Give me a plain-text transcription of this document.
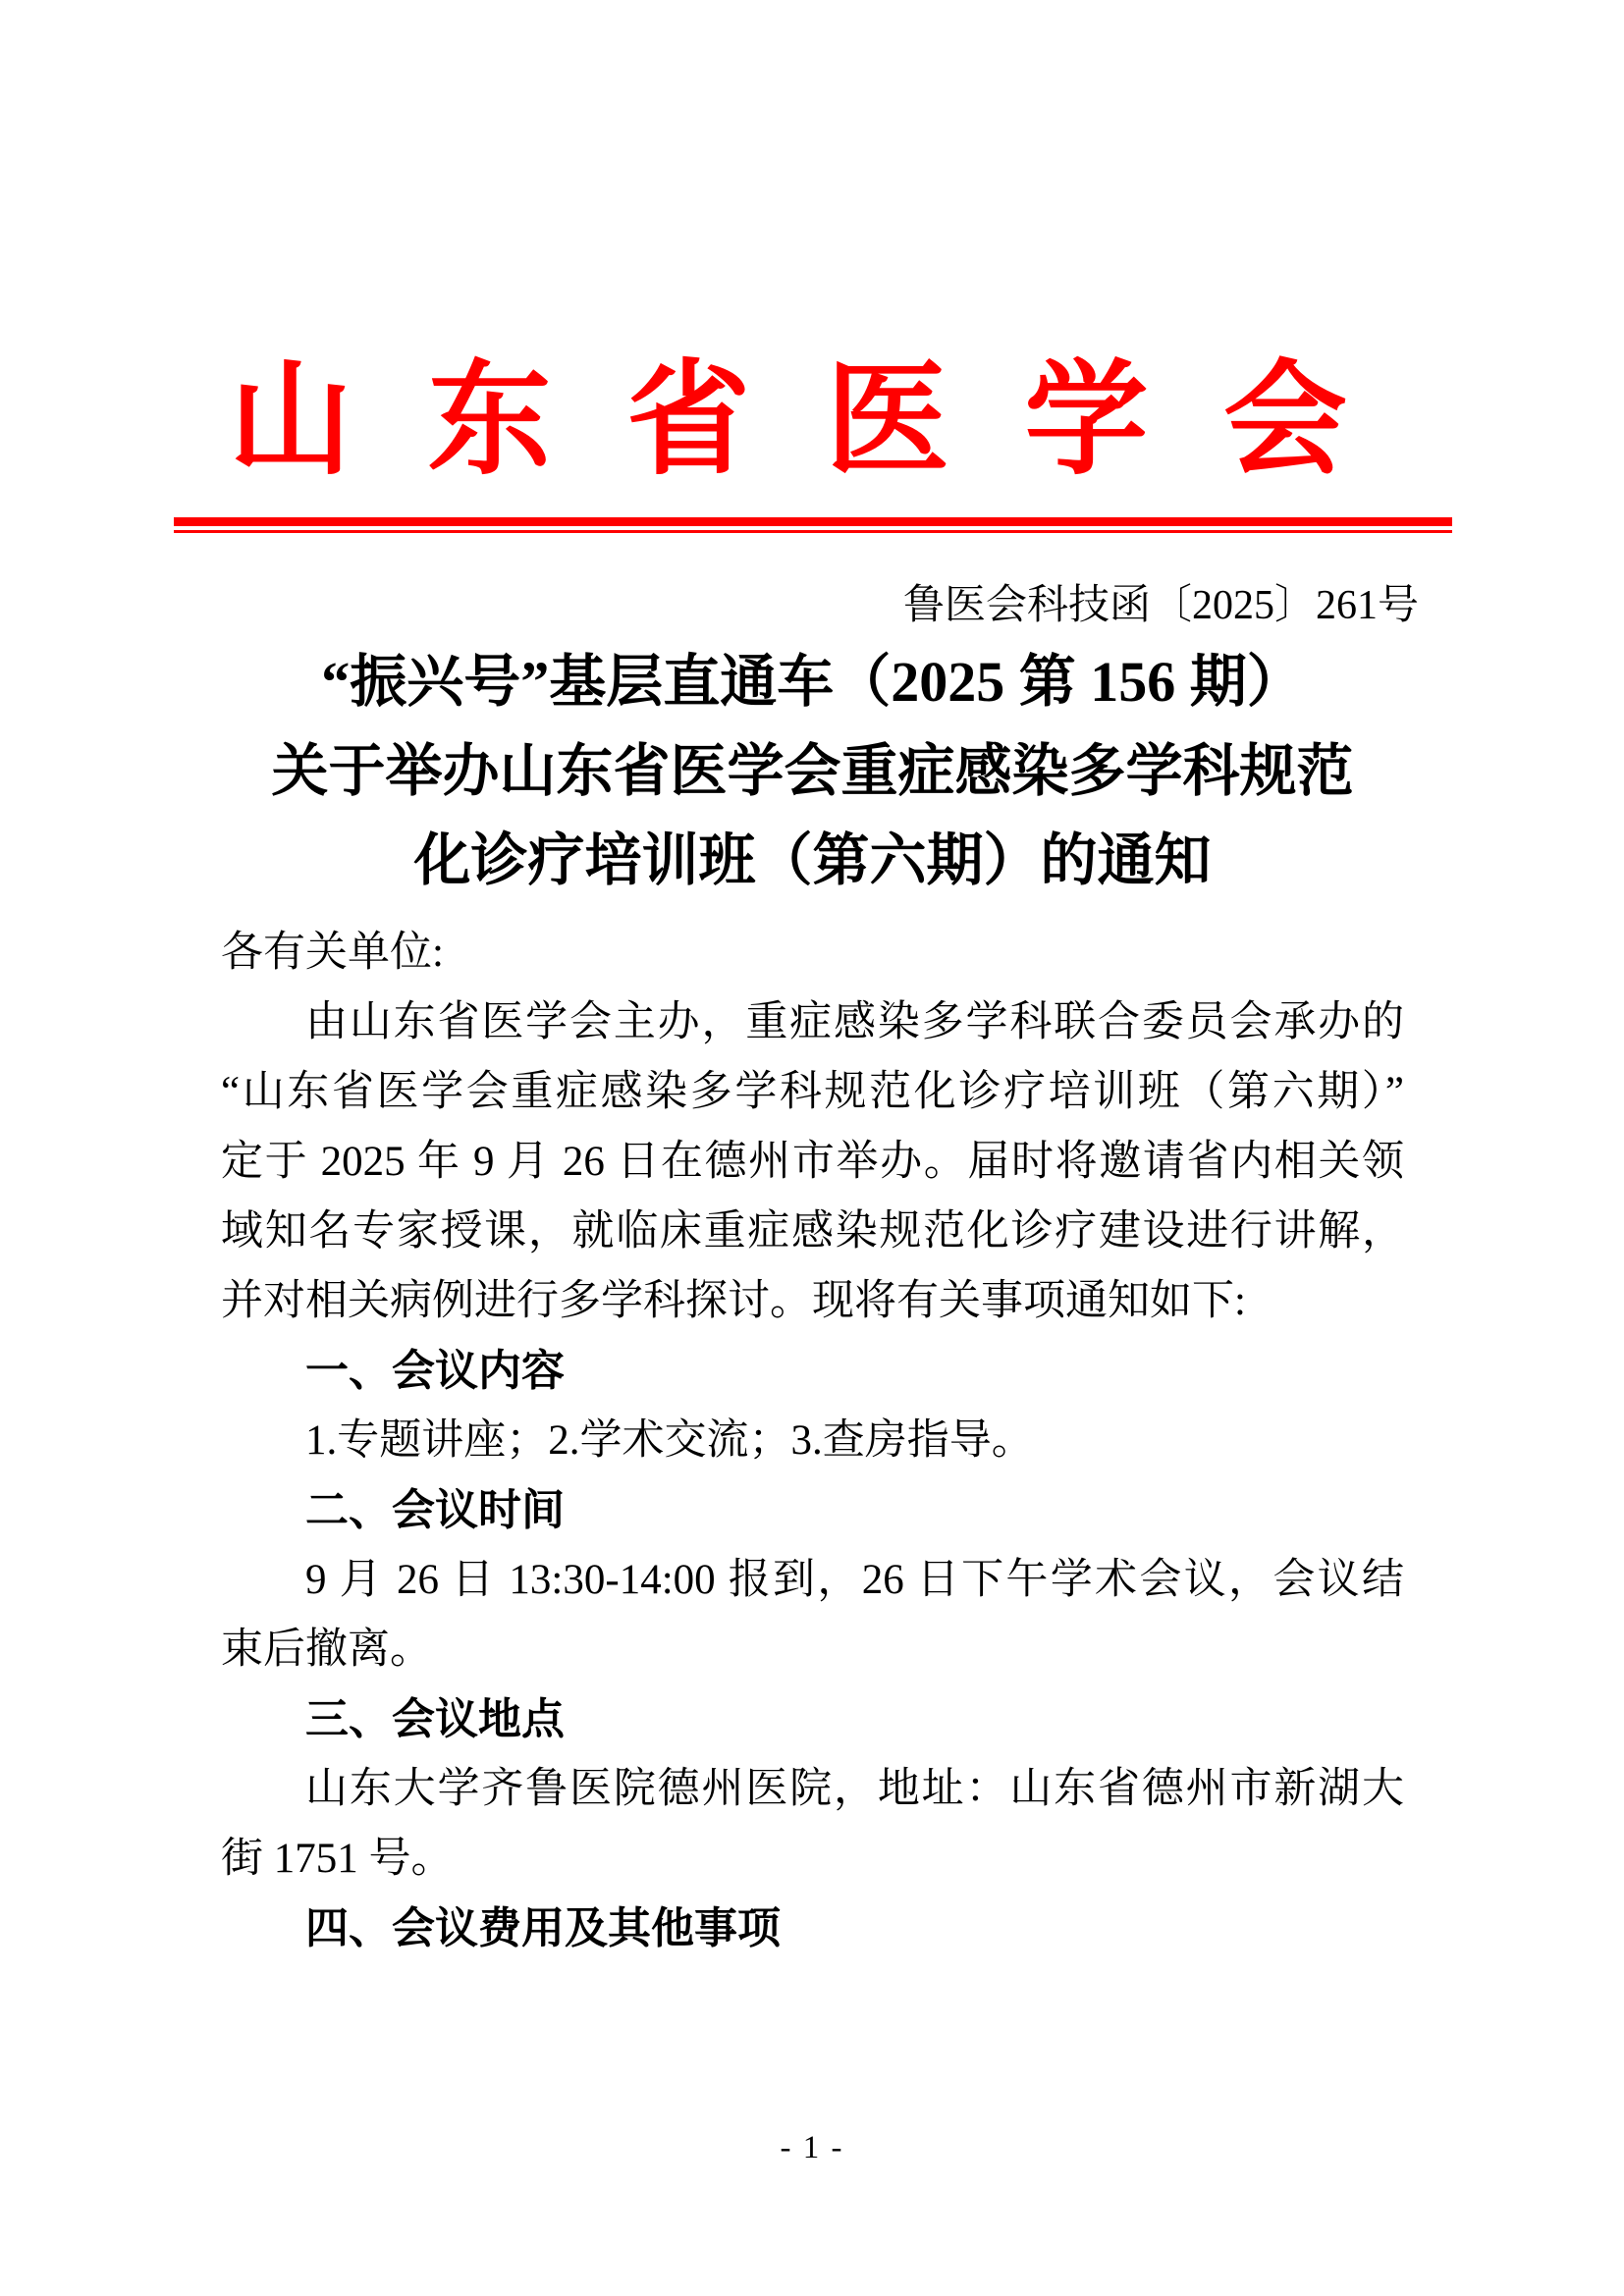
山 东 省 医 学 会
鲁医会科技函〔2025〕261号
“振兴号”基层直通车（2025 第 156 期）
关于举办山东省医学会重症感染多学科规范
化诊疗培训班（第六期）的通知
各有关单位:
由山东省医学会主办，重症感染多学科联合委员会承办的
“山东省医学会重症感染多学科规范化诊疗培训班（第六期）”
定于 2025 年 9 月 26 日在德州市举办。届时将邀请省内相关领
域知名专家授课，就临床重症感染规范化诊疗建设进行讲解，
并对相关病例进行多学科探讨。现将有关事项通知如下:
一、会议内容
1.专题讲座；2.学术交流；3.查房指导。
二、会议时间
9 月 26 日 13:30-14:00 报到，26 日下午学术会议，会议结
束后撤离。
三、会议地点
山东大学齐鲁医院德州医院，地址：山东省德州市新湖大
街 1751 号。
四、会议费用及其他事项
- 1 -
